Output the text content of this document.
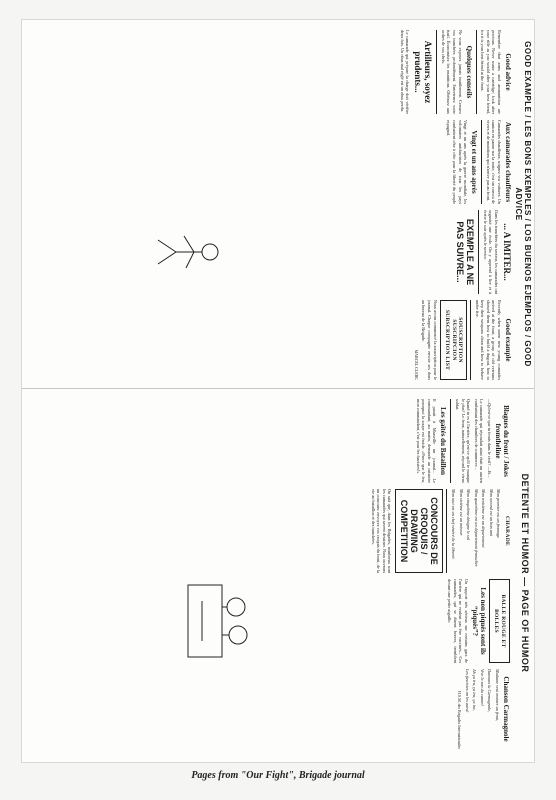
GOOD EXAMPLE / LES BONS EXEMPLES / LOS BUENOS EJEMPLOS / GOOD ADVICE
Good advice

Remember that arms and ammunition are precious. Never waste a cartridge; look after your rifle as you would after your best friend, for it is your best friend at the front.

Quelques conseils

Ne vous exposez jamais inutilement. Creusez vos tranchées profondément. Entretenez votre fusil. Économisez les munitions. Obéissez aux ordres de vos chefs.

Artilleurs, soyez prudents...

Le camarade qui prépare la charge doit vérifier deux fois. Un obus mal réglé est un obus perdu.

Aux camarades chauffeurs

Camarades chauffeurs, soignez vos voitures. Un camion en panne sur la route, c'est un convoi de vivres et de munitions qui n'arrive pas au front.

Vingt et un ans après

Vingt et un ans après la guerre mondiale, les volontaires antifascistes de tous les pays combattent côte à côte pour la liberté du peuple espagnol.

... A IMITER...

Dans les tranchées du secteur, les camarades ont organisé une école. On y apprend à lire et à écrire le soir après le service.

EXEMPLE A NE PAS SUIVRE...
Good example

Recently when some new young comrades arrived at the front, a group of old veterans showed them how to build a dugout, how to keep their weapons clean and how to behave under fire.

SOUSCRIPTION SUSCRIPCION SUBSCRIPTION LIST

Nous avons commencé la souscription pour le journal. Chaque compagnie envoie ses dons au bureau de la Brigade.

MARCEL CLERC
DETENTE ET HUMOR — PAGE OF HUMOR
Blagues du front / Jokes fromtheline

—Qu'est-ce que tu ferais dans le civil? —Et...

Le camarade qui répondait ainsi était un ancien combattant des chambres de commerce...

Quand tu es à l'arrière, qu'est-ce qu'il te manque le plus? Le front, naturellement, répond le vieux soldat.

Les gaîtés du Bataillon

Il parait à Marseille un journal... Le commandant, au matin, demande au cuisinier pourquoi la soupe est froide. «Parce que le feu, mon commandant, c'est pour les fascistes!»

CHARADE

Mon premier est un fromage

Mon second est un bon ami

Mon troisième est un département

Mon quatrième est un département frontalier

Mon cinquième désigne le sol

Mon sixième est un mineur

Mon tout est un chef vénéré de la liberté.

CONCOURS DE CROQUIS / DRAWING COMPETITION

On sait que, dans les Brigades, nombreux sont les camarades qui savent dessiner. Nous ouvrons un concours: envoyez vos croquis du front, de la vie au bataillon et des tranchées.

BALLE ROUGE ET BOLLES
Les non piqués sont ils “piqués”?

Un rapport très sérieux sur certains gars de l'arrière qui ne veulent pas être vaccinés... Ces camarades, qui se disent braves, tremblent devant une petite aiguille.

Chanson Carmagnole

Madame veut monter au front,

Dansons la Carmagnole,

Vive le son du canon!

Ah ça ira, ça ira, ça ira,

Les fascistes on les aura!

H.S.M. des Brigades Internationales
Pages from "Our Fight", Brigade journal
